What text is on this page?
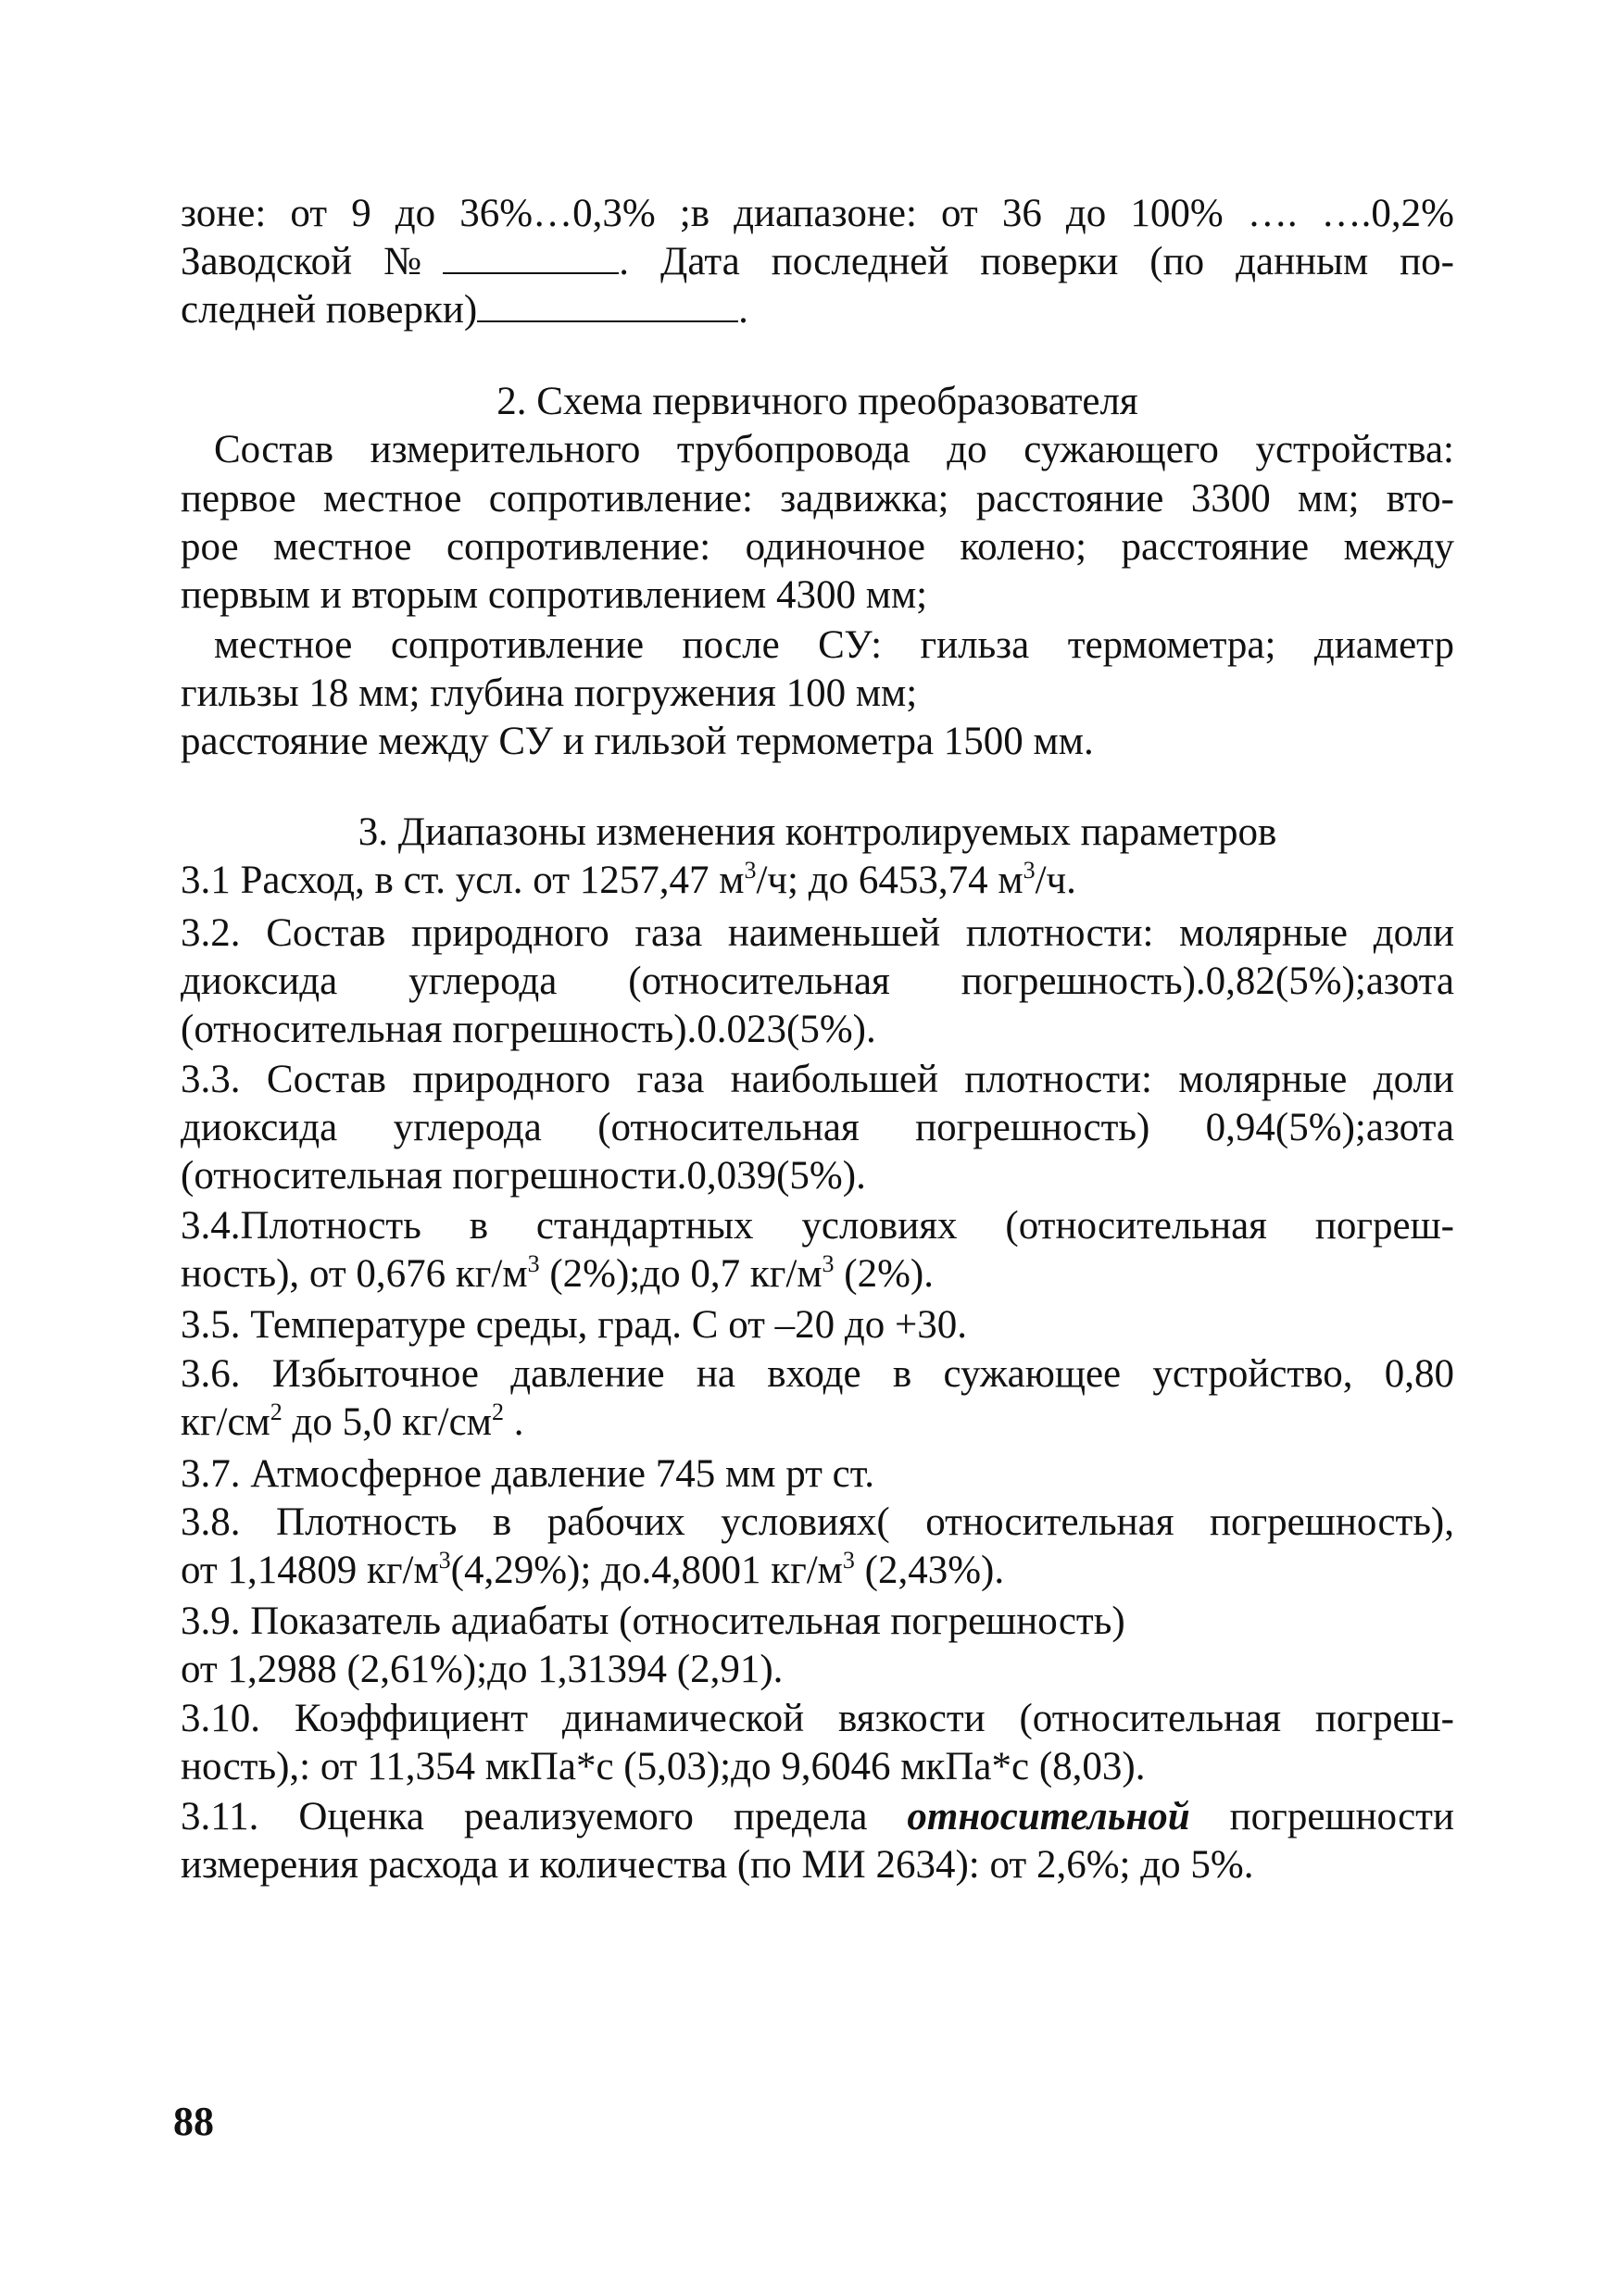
зоне: от 9 до 36%…0,3% ;в диапазоне: от 36 до 100% …. ….0,2%
Заводской №	. Дата последней поверки (по данным по-
следней поверки)	.
2. Схема первичного преобразователя
Состав измерительного трубопровода до сужающего устройства:
первое местное сопротивление: задвижка; расстояние 3300 мм; вто-
рое местное сопротивление: одиночное колено; расстояние между
первым и вторым сопротивлением 4300 мм;
местное сопротивление после СУ: гильза термометра; диаметр
гильзы 18 мм; глубина погружения 100 мм;
расстояние между СУ и гильзой термометра 1500 мм.
3. Диапазоны изменения контролируемых параметров
3.1 Расход, в ст. усл. от 1257,47 $м^3/ч$; до 6453,74 $м^3/ч$.
3.2. Состав природного газа наименьшей плотности: молярные доли
диоксида углерода (относительная погрешность).0,82(5%);азота
(относительная погрешность).0.023(5%).
3.3. Состав природного газа наибольшей плотности: молярные доли
диоксида углерода (относительная погрешность) 0,94(5%);азота
(относительная погрешности.0,039(5%).
3.4.Плотность в стандартных условиях (относительная погреш-
ность), от 0,676 $кг/м^3$ (2%);до 0,7 $кг/м^3$ (2%).
3.5. Температуре среды, град. С от –20 до +30.
3.6. Избыточное давление на входе в сужающее устройство, 0,80
$кг/см^2$ до 5,0 $кг/см^2$ .
3.7. Атмосферное давление 745 мм рт ст.
3.8. Плотность в рабочих условиях( относительная погрешность),
от 1,14809 $кг/м^3(4,29\%)$; до.4,8001 $кг/м^3$ (2,43%).
3.9. Показатель адиабаты (относительная погрешность)
от 1,2988 (2,61%);до 1,31394 (2,91).
3.10. Коэффициент динамической вязкости (относительная погреш-
ность),: от 11,354 мкПа*с (5,03);до 9,6046 мкПа*с (8,03).
3.11. Оценка реализуемого предела относительной погрешности
измерения расхода и количества (по МИ 2634): от 2,6%; до 5%.
88
